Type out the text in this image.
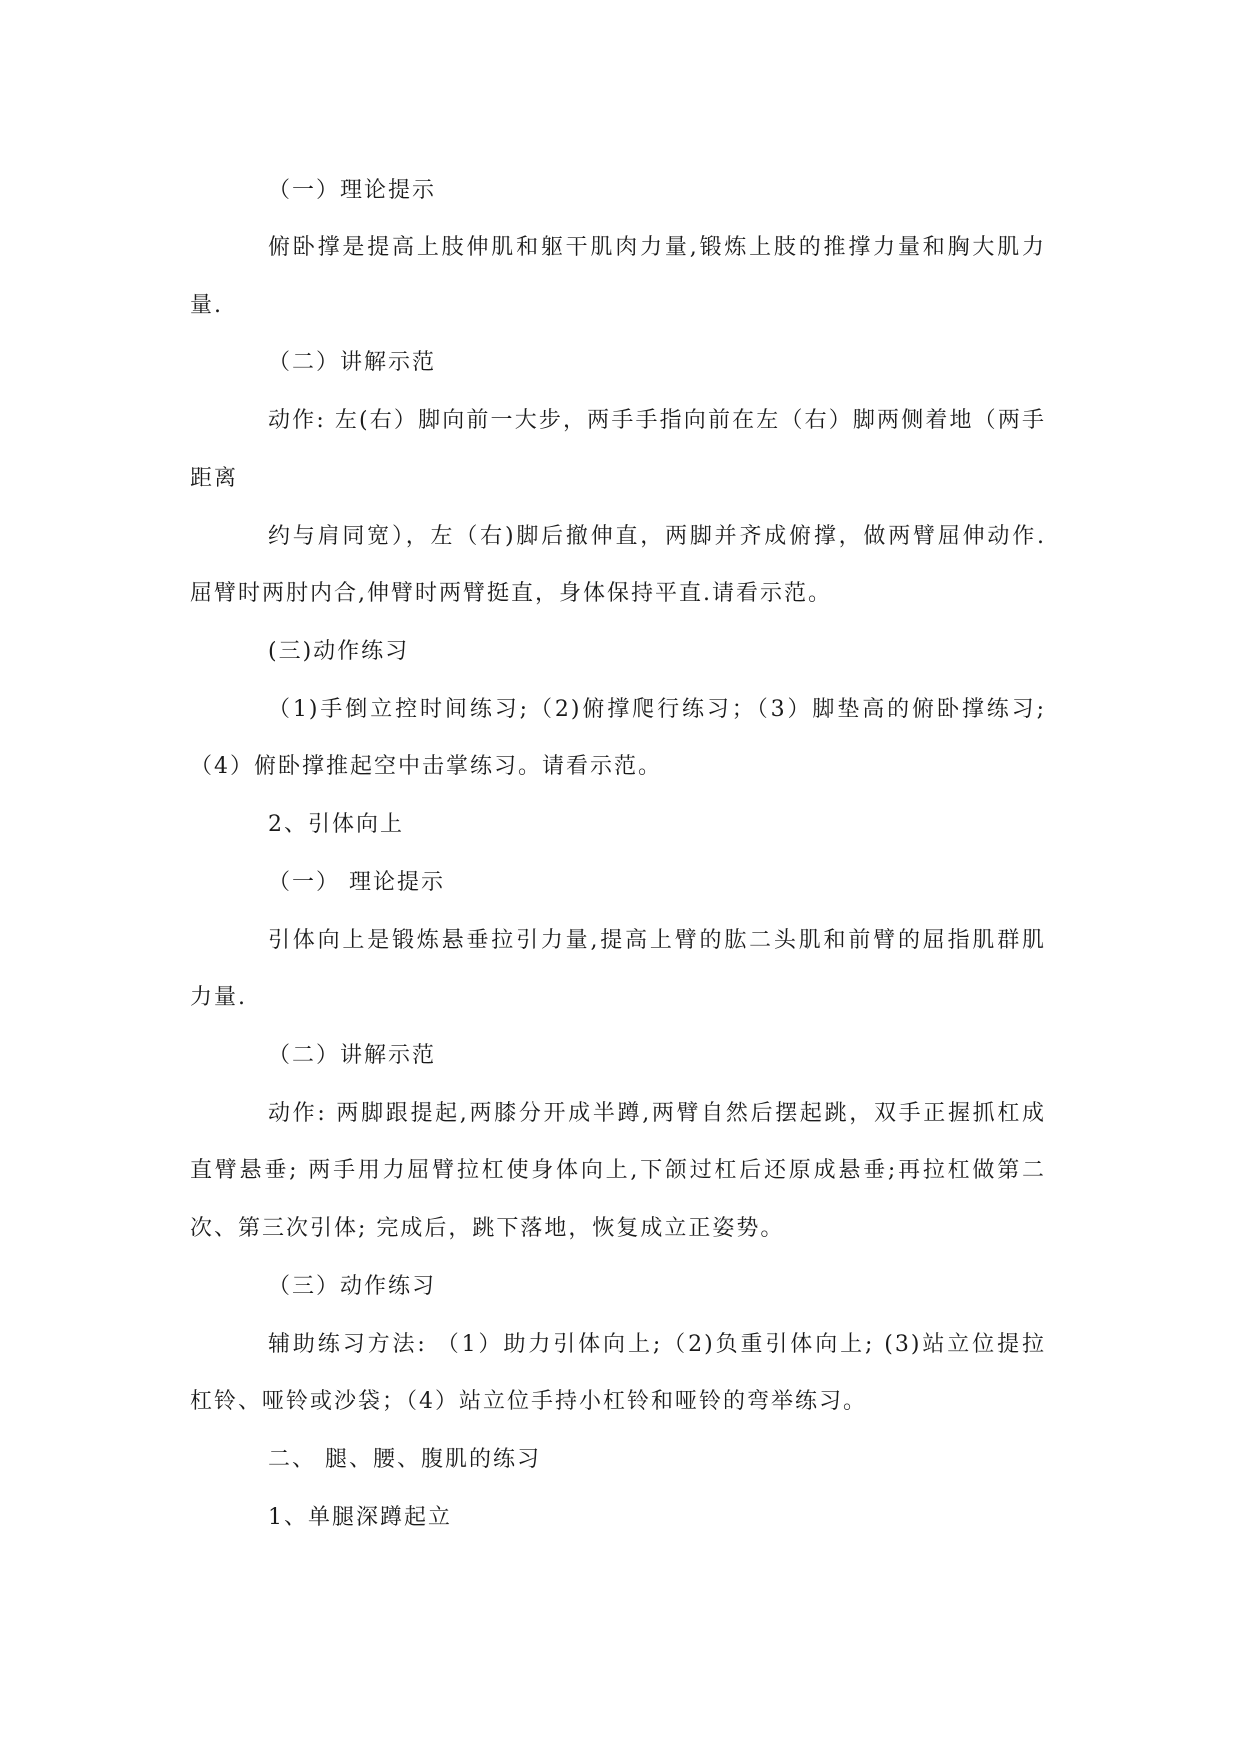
（一）理论提示
俯卧撑是提高上肢伸肌和躯干肌肉力量,锻炼上肢的推撑力量和胸大肌力
量.
（二）讲解示范
动作: 左(右）脚向前一大步，两手手指向前在左（右）脚两侧着地（两手
距离
约与肩同宽），左（右)脚后撤伸直，两脚并齐成俯撑，做两臂屈伸动作.
屈臂时两肘内合,伸臂时两臂挺直，身体保持平直.请看示范。
(三)动作练习
（1)手倒立控时间练习;（2)俯撑爬行练习；（3）脚垫高的俯卧撑练习;
（4）俯卧撑推起空中击掌练习。请看示范。
2、引体向上
（一） 理论提示
引体向上是锻炼悬垂拉引力量,提高上臂的肱二头肌和前臂的屈指肌群肌
力量.
（二）讲解示范
动作: 两脚跟提起,两膝分开成半蹲,两臂自然后摆起跳，双手正握抓杠成
直臂悬垂; 两手用力屈臂拉杠使身体向上,下颌过杠后还原成悬垂;再拉杠做第二
次、第三次引体; 完成后，跳下落地，恢复成立正姿势。
（三）动作练习
辅助练习方法: （1）助力引体向上;（2)负重引体向上; (3)站立位提拉
杠铃、哑铃或沙袋；（4）站立位手持小杠铃和哑铃的弯举练习。
二、 腿、腰、腹肌的练习
1、单腿深蹲起立
